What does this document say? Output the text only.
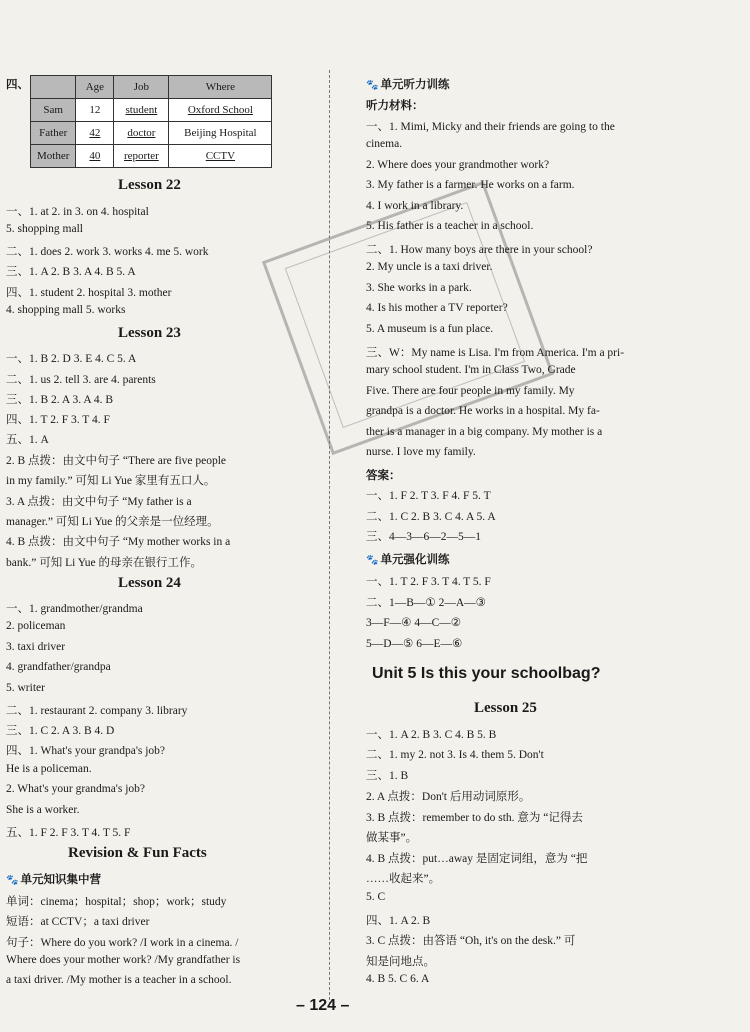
四、
		Age	Job	Where
Sam	12	student	Oxford School
Father	42	doctor	Beijing Hospital
Mother	40	reporter	CCTV
Lesson 22
一、1. at 2. in 3. on 4. hospital
5. shopping mall
二、1. does 2. work 3. works 4. me 5. work
三、1. A 2. B 3. A 4. B 5. A
四、1. student 2. hospital 3. mother
4. shopping mall 5. works
Lesson 23
一、1. B 2. D 3. E 4. C 5. A
二、1. us 2. tell 3. are 4. parents
三、1. B 2. A 3. A 4. B
四、1. T 2. F 3. T 4. F
五、1. A
2. B 点拨：由文中句子 “There are five people
in my family.” 可知 Li Yue 家里有五口人。
3. A 点拨：由文中句子 “My father is a
manager.” 可知 Li Yue 的父亲是一位经理。
4. B 点拨：由文中句子 “My mother works in a
bank.” 可知 Li Yue 的母亲在银行工作。
Lesson 24
一、1. grandmother/grandma
2. policeman
3. taxi driver
4. grandfather/grandpa
5. writer
二、1. restaurant 2. company 3. library
三、1. C 2. A 3. B 4. D
四、1. What's your grandpa's job?
He is a policeman.
2. What's your grandma's job?
She is a worker.
五、1. F 2. F 3. T 4. T 5. F
Revision & Fun Facts
🐾 单元知识集中营
单词：cinema；hospital；shop；work；study
短语：at CCTV；a taxi driver
句子：Where do you work? /I work in a cinema. /
Where does your mother work? /My grandfather is
a taxi driver. /My mother is a teacher in a school.
🐾 单元听力训练
听力材料：
一、1. Mimi, Micky and their friends are going to the
cinema.
2. Where does your grandmother work?
3. My father is a farmer. He works on a farm.
4. I work in a library.
5. His father is a teacher in a school.
二、1. How many boys are there in your school?
2. My uncle is a taxi driver.
3. She works in a park.
4. Is his mother a TV reporter?
5. A museum is a fun place.
三、W：My name is Lisa. I'm from America. I'm a pri-
mary school student. I'm in Class Two, Grade
Five. There are four people in my family. My
grandpa is a doctor. He works in a hospital. My fa-
ther is a manager in a big company. My mother is a
nurse. I love my family.
答案：
一、1. F 2. T 3. F 4. F 5. T
二、1. C 2. B 3. C 4. A 5. A
三、4—3—6—2—5—1
🐾 单元强化训练
一、1. T 2. F 3. T 4. T 5. F
二、1—B—① 2—A—③
3—F—④ 4—C—②
5—D—⑤ 6—E—⑥
Unit 5 Is this your schoolbag?
Lesson 25
一、1. A 2. B 3. C 4. B 5. B
二、1. my 2. not 3. Is 4. them 5. Don't
三、1. B
2. A 点拨：Don't 后用动词原形。
3. B 点拨：remember to do sth. 意为 “记得去
做某事”。
4. B 点拨：put…away 是固定词组，意为 “把
……收起来”。
5. C
四、1. A 2. B
3. C 点拨：由答语 “Oh, it's on the desk.” 可
知是问地点。
4. B 5. C 6. A
– 124 –
